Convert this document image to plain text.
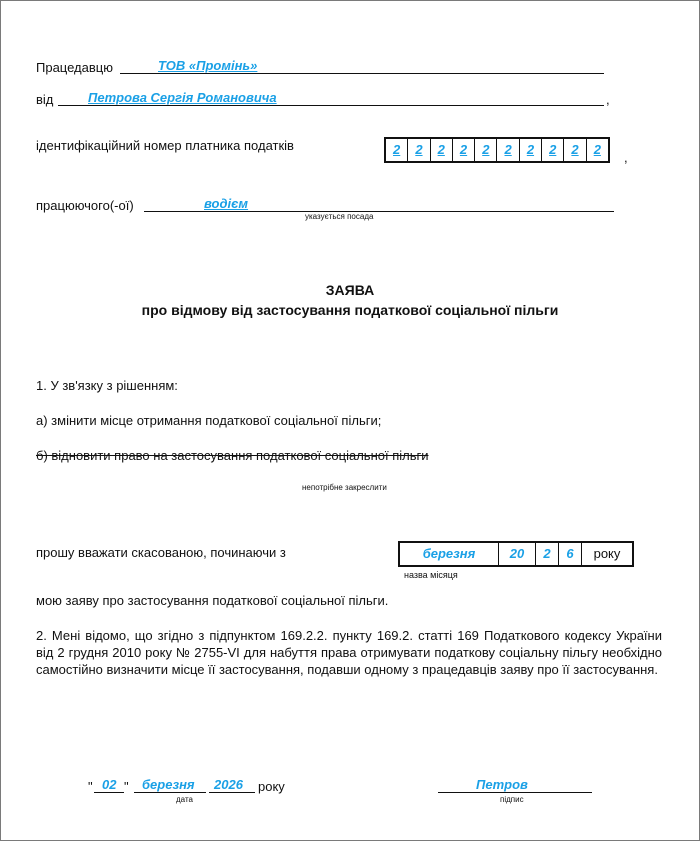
Працедавцю	ТОВ «Промінь»
від	Петрова Сергія Романовича	,
ідентифікаційний номер платника податків	2	2	2	2	2	2	2	2	2	2
,
працюючого(-ої)	водієм
указується посада
ЗАЯВА
про відмову від застосування податкової соціальної пільги
1. У зв'язку з рішенням:
а) змінити місце отримання податкової соціальної пільги;
б) відновити право на застосування податкової соціальної пільги
непотрібне закреслити
прошу вважати скасованою, починаючи з	березня	20	2	6	року
назва місяця
мою заяву про застосування податкової соціальної пільги.
2. Мені відомо, що згідно з підпунктом 169.2.2. пункту 169.2. статті 169 Податкового кодексу України від 2 грудня 2010 року № 2755-VI для набуття права отримувати податкову соціальну пільгу необхідно самостійно визначити місце її застосування, подавши одному з працедавців заяву про її застосування.
" 02 " березня 2026 року
дата
Петров
підпис
